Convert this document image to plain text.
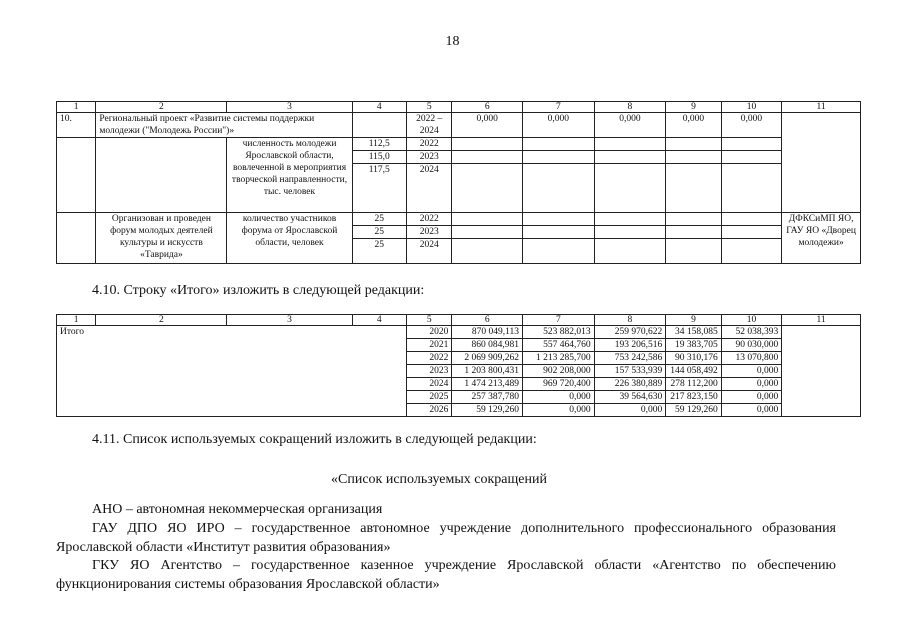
18
1	2	3	4	5	6	7	8	9	10	11
10.	Региональный проект «Развитие системы поддержки молодежи ("Молодежь России")»			2022 – 2024	0,000	0,000	0,000	0,000	0,000	
		численность молодежи Ярославской области, вовлеченной в мероприятия творческой направленности, тыс. человек	112,5	2022						
			115,0	2023						
			117,5	2024						
	Организован и проведен форум молодых деятелей культуры и искусств «Таврида»	количество участников форума от Ярославской области, человек	25	2022						ДФКСиМП ЯО, ГАУ ЯО «Дворец молодежи»
			25	2023						
			25	2024						
4.10. Строку «Итого» изложить в следующей редакции:
1	2	3	4	5	6	7	8	9	10	11
Итого				2020	870 049,113	523 882,013	259 970,622	34 158,085	52 038,393	
				2021	860 084,981	557 464,760	193 206,516	19 383,705	90 030,000	
				2022	2 069 909,262	1 213 285,700	753 242,586	90 310,176	13 070,800	
				2023	1 203 800,431	902 208,000	157 533,939	144 058,492	0,000	
				2024	1 474 213,489	969 720,400	226 380,889	278 112,200	0,000	
				2025	257 387,780	0,000	39 564,630	217 823,150	0,000	
				2026	59 129,260	0,000	0,000	59 129,260	0,000	
4.11. Список используемых сокращений изложить в следующей редакции:
«Список используемых сокращений
АНО – автономная некоммерческая организация
ГАУ ДПО ЯО ИРО – государственное автономное учреждение дополнительного профессионального образования
Ярославской области «Институт развития образования»
ГКУ ЯО Агентство – государственное казенное учреждение Ярославской области «Агентство по обеспечению
функционирования системы образования Ярославской области»
